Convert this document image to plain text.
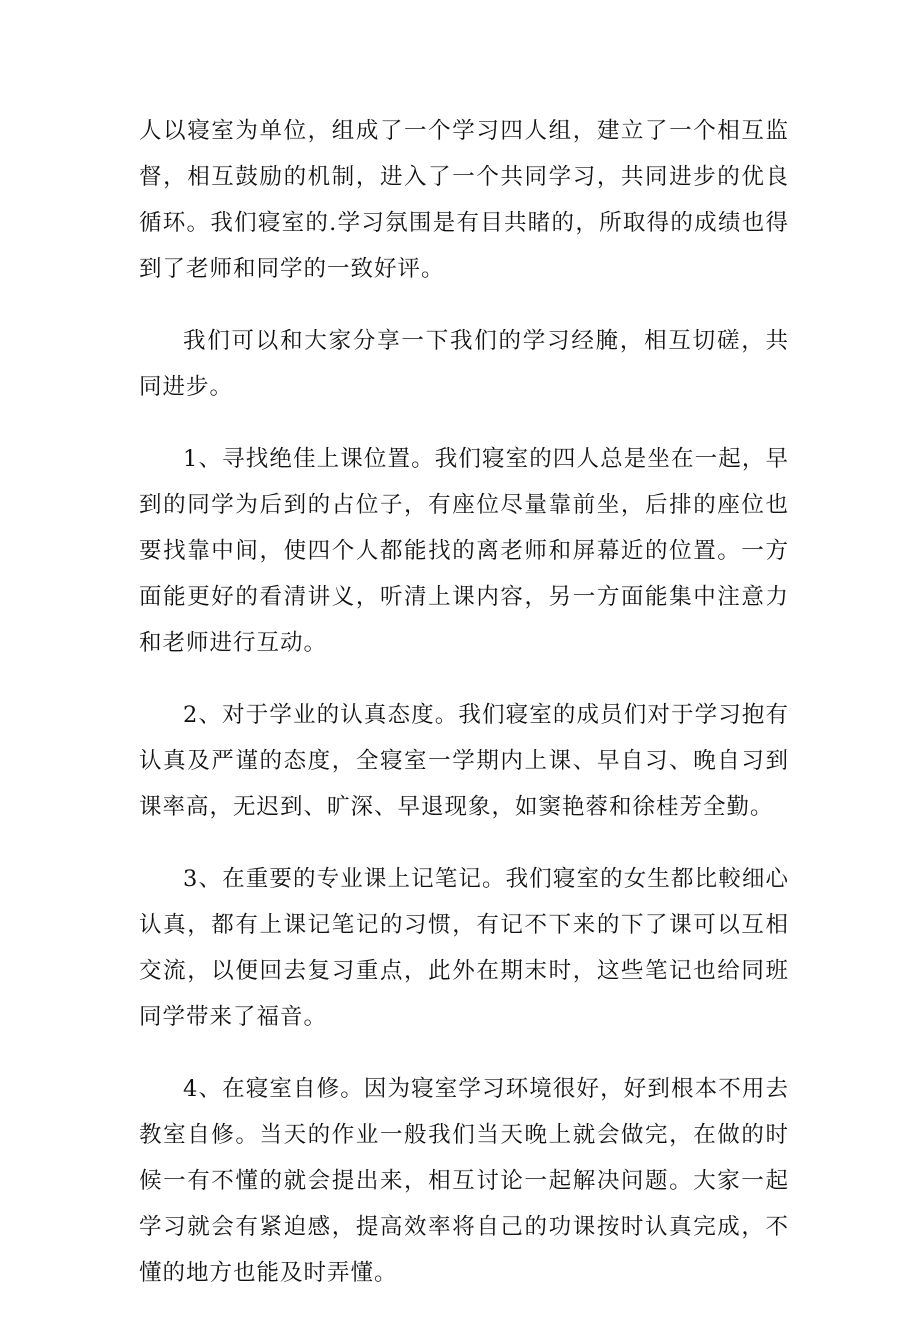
人以寝室为单位，组成了一个学习四人组，建立了一个相互监督，相互鼓励的机制，进入了一个共同学习，共同进步的优良循环。我们寝室的.学习氛围是有目共睹的，所取得的成绩也得到了老师和同学的一致好评。

我们可以和大家分享一下我们的学习经腌，相互切磋，共同进步。

1、寻找绝佳上课位置。我们寝室的四人总是坐在一起，早到的同学为后到的占位子，有座位尽量靠前坐，后排的座位也要找靠中间，使四个人都能找的离老师和屏幕近的位置。一方面能更好的看清讲义，听清上课内容，另一方面能集中注意力和老师进行互动。

2、对于学业的认真态度。我们寝室的成员们对于学习抱有认真及严谨的态度，全寝室一学期内上课、早自习、晚自习到课率高，无迟到、旷深、早退现象，如窦艳蓉和徐桂芳全勤。

3、在重要的专业课上记笔记。我们寝室的女生都比較细心认真，都有上课记笔记的习惯，有记不下来的下了课可以互相交流，以便回去复习重点，此外在期末时，这些笔记也给同班同学带来了福音。

4、在寝室自修。因为寝室学习环境很好，好到根本不用去教室自修。当天的作业一般我们当天晚上就会做完，在做的时候一有不懂的就会提出来，相互讨论一起解决问题。大家一起学习就会有紧迫感，提高效率将自己的功课按时认真完成，不懂的地方也能及时弄懂。
